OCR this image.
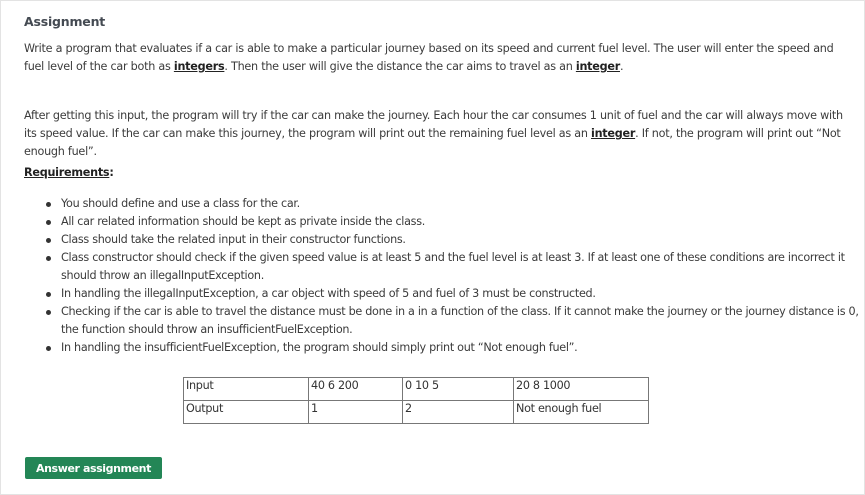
Assignment
Write a program that evaluates if a car is able to make a particular journey based on its speed and current fuel level. The user will enter the speed and fuel level of the car both as integers. Then the user will give the distance the car aims to travel as an integer.
After getting this input, the program will try if the car can make the journey. Each hour the car consumes 1 unit of fuel and the car will always move with its speed value. If the car can make this journey, the program will print out the remaining fuel level as an integer. If not, the program will print out “Not enough fuel”.
Requirements:
You should define and use a class for the car.
All car related information should be kept as private inside the class.
Class should take the related input in their constructor functions.
Class constructor should check if the given speed value is at least 5 and the fuel level is at least 3. If at least one of these conditions are incorrect it should throw an illegalInputException.
In handling the illegalInputException, a car object with speed of 5 and fuel of 3 must be constructed.
Checking if the car is able to travel the distance must be done in a in a function of the class. If it cannot make the journey or the journey distance is 0, the function should throw an insufficientFuelException.
In handling the insufficientFuelException, the program should simply print out “Not enough fuel”.
Input	40 6 200	0 10 5	20 8 1000
Output	1	2	Not enough fuel
Answer assignment
